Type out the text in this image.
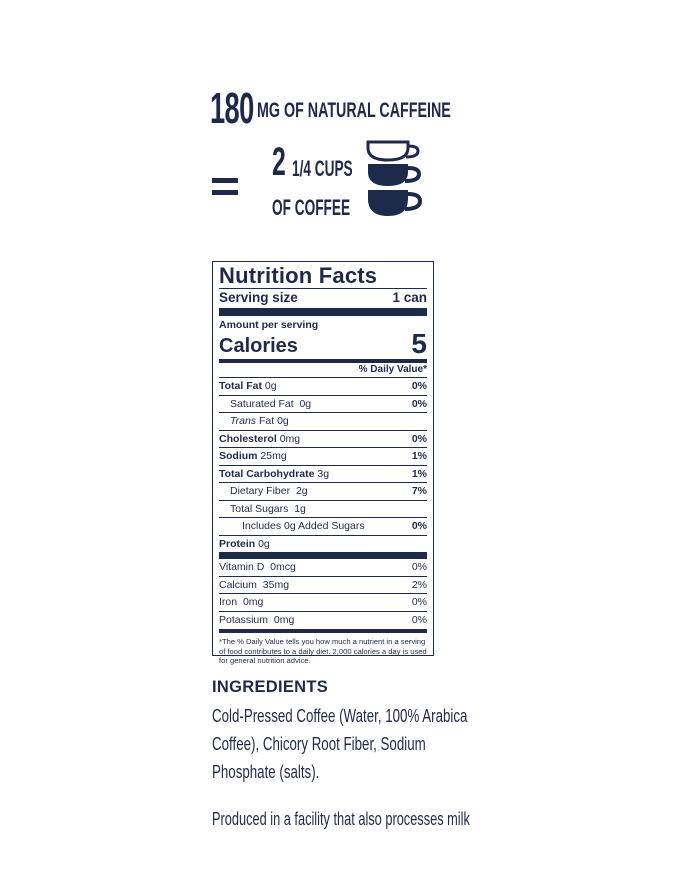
180 MG OF NATURAL CAFFEINE
2 1/4 CUPS
OF COFFEE
Nutrition Facts
Serving size	1 can
Amount per serving
Calories	5
% Daily Value*
Total Fat 0g	0%
Saturated Fat 0g	0%
Trans Fat 0g
Cholesterol 0mg	0%
Sodium 25mg	1%
Total Carbohydrate 3g	1%
Dietary Fiber 2g	7%
Total Sugars 1g
Includes 0g Added Sugars	0%
Protein 0g
Vitamin D 0mcg	0%
Calcium 35mg	2%
Iron 0mg	0%
Potassium 0mg	0%
*The % Daily Value tells you how much a nutrient in a serving of food contributes to a daily diet. 2,000 calories a day is used for general nutrition advice.
INGREDIENTS
Cold-Pressed Coffee (Water, 100% Arabica Coffee), Chicory Root Fiber, Sodium Phosphate (salts).
Produced in a facility that also processes milk
